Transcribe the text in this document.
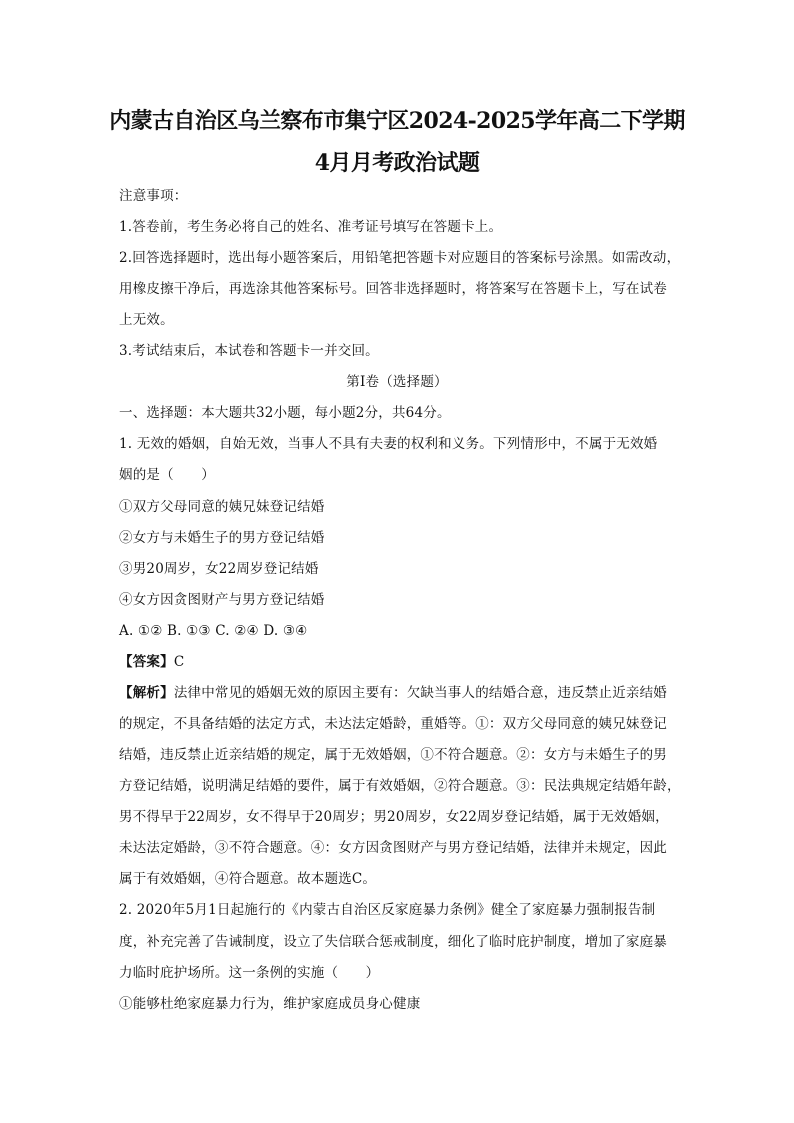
内蒙古自治区乌兰察布市集宁区2024-2025学年高二下学期
4月月考政治试题
注意事项：
1.答卷前，考生务必将自己的姓名、准考证号填写在答题卡上。
2.回答选择题时，选出每小题答案后，用铅笔把答题卡对应题目的答案标号涂黑。如需改动，
用橡皮擦干净后，再选涂其他答案标号。回答非选择题时，将答案写在答题卡上，写在试卷
上无效。
3.考试结束后，本试卷和答题卡一并交回。
第Ⅰ卷（选择题）
一、选择题：本大题共32小题，每小题2分，共64分。
1. 无效的婚姻，自始无效，当事人不具有夫妻的权利和义务。下列情形中，不属于无效婚
姻的是（　　）
①双方父母同意的姨兄妹登记结婚
②女方与未婚生子的男方登记结婚
③男20周岁，女22周岁登记结婚
④女方因贪图财产与男方登记结婚
A. ①② B. ①③ C. ②④ D. ③④
【答案】C
【解析】法律中常见的婚姻无效的原因主要有：欠缺当事人的结婚合意，违反禁止近亲结婚
的规定，不具备结婚的法定方式，未达法定婚龄，重婚等。①：双方父母同意的姨兄妹登记
结婚，违反禁止近亲结婚的规定，属于无效婚姻，①不符合题意。②：女方与未婚生子的男
方登记结婚，说明满足结婚的要件，属于有效婚姻，②符合题意。③：民法典规定结婚年龄，
男不得早于22周岁，女不得早于20周岁；男20周岁，女22周岁登记结婚，属于无效婚姻，
未达法定婚龄，③不符合题意。④：女方因贪图财产与男方登记结婚，法律并未规定，因此
属于有效婚姻，④符合题意。故本题选C。
2. 2020年5月1日起施行的《内蒙古自治区反家庭暴力条例》健全了家庭暴力强制报告制
度，补充完善了告诫制度，设立了失信联合惩戒制度，细化了临时庇护制度，增加了家庭暴
力临时庇护场所。这一条例的实施（　　）
①能够杜绝家庭暴力行为，维护家庭成员身心健康
